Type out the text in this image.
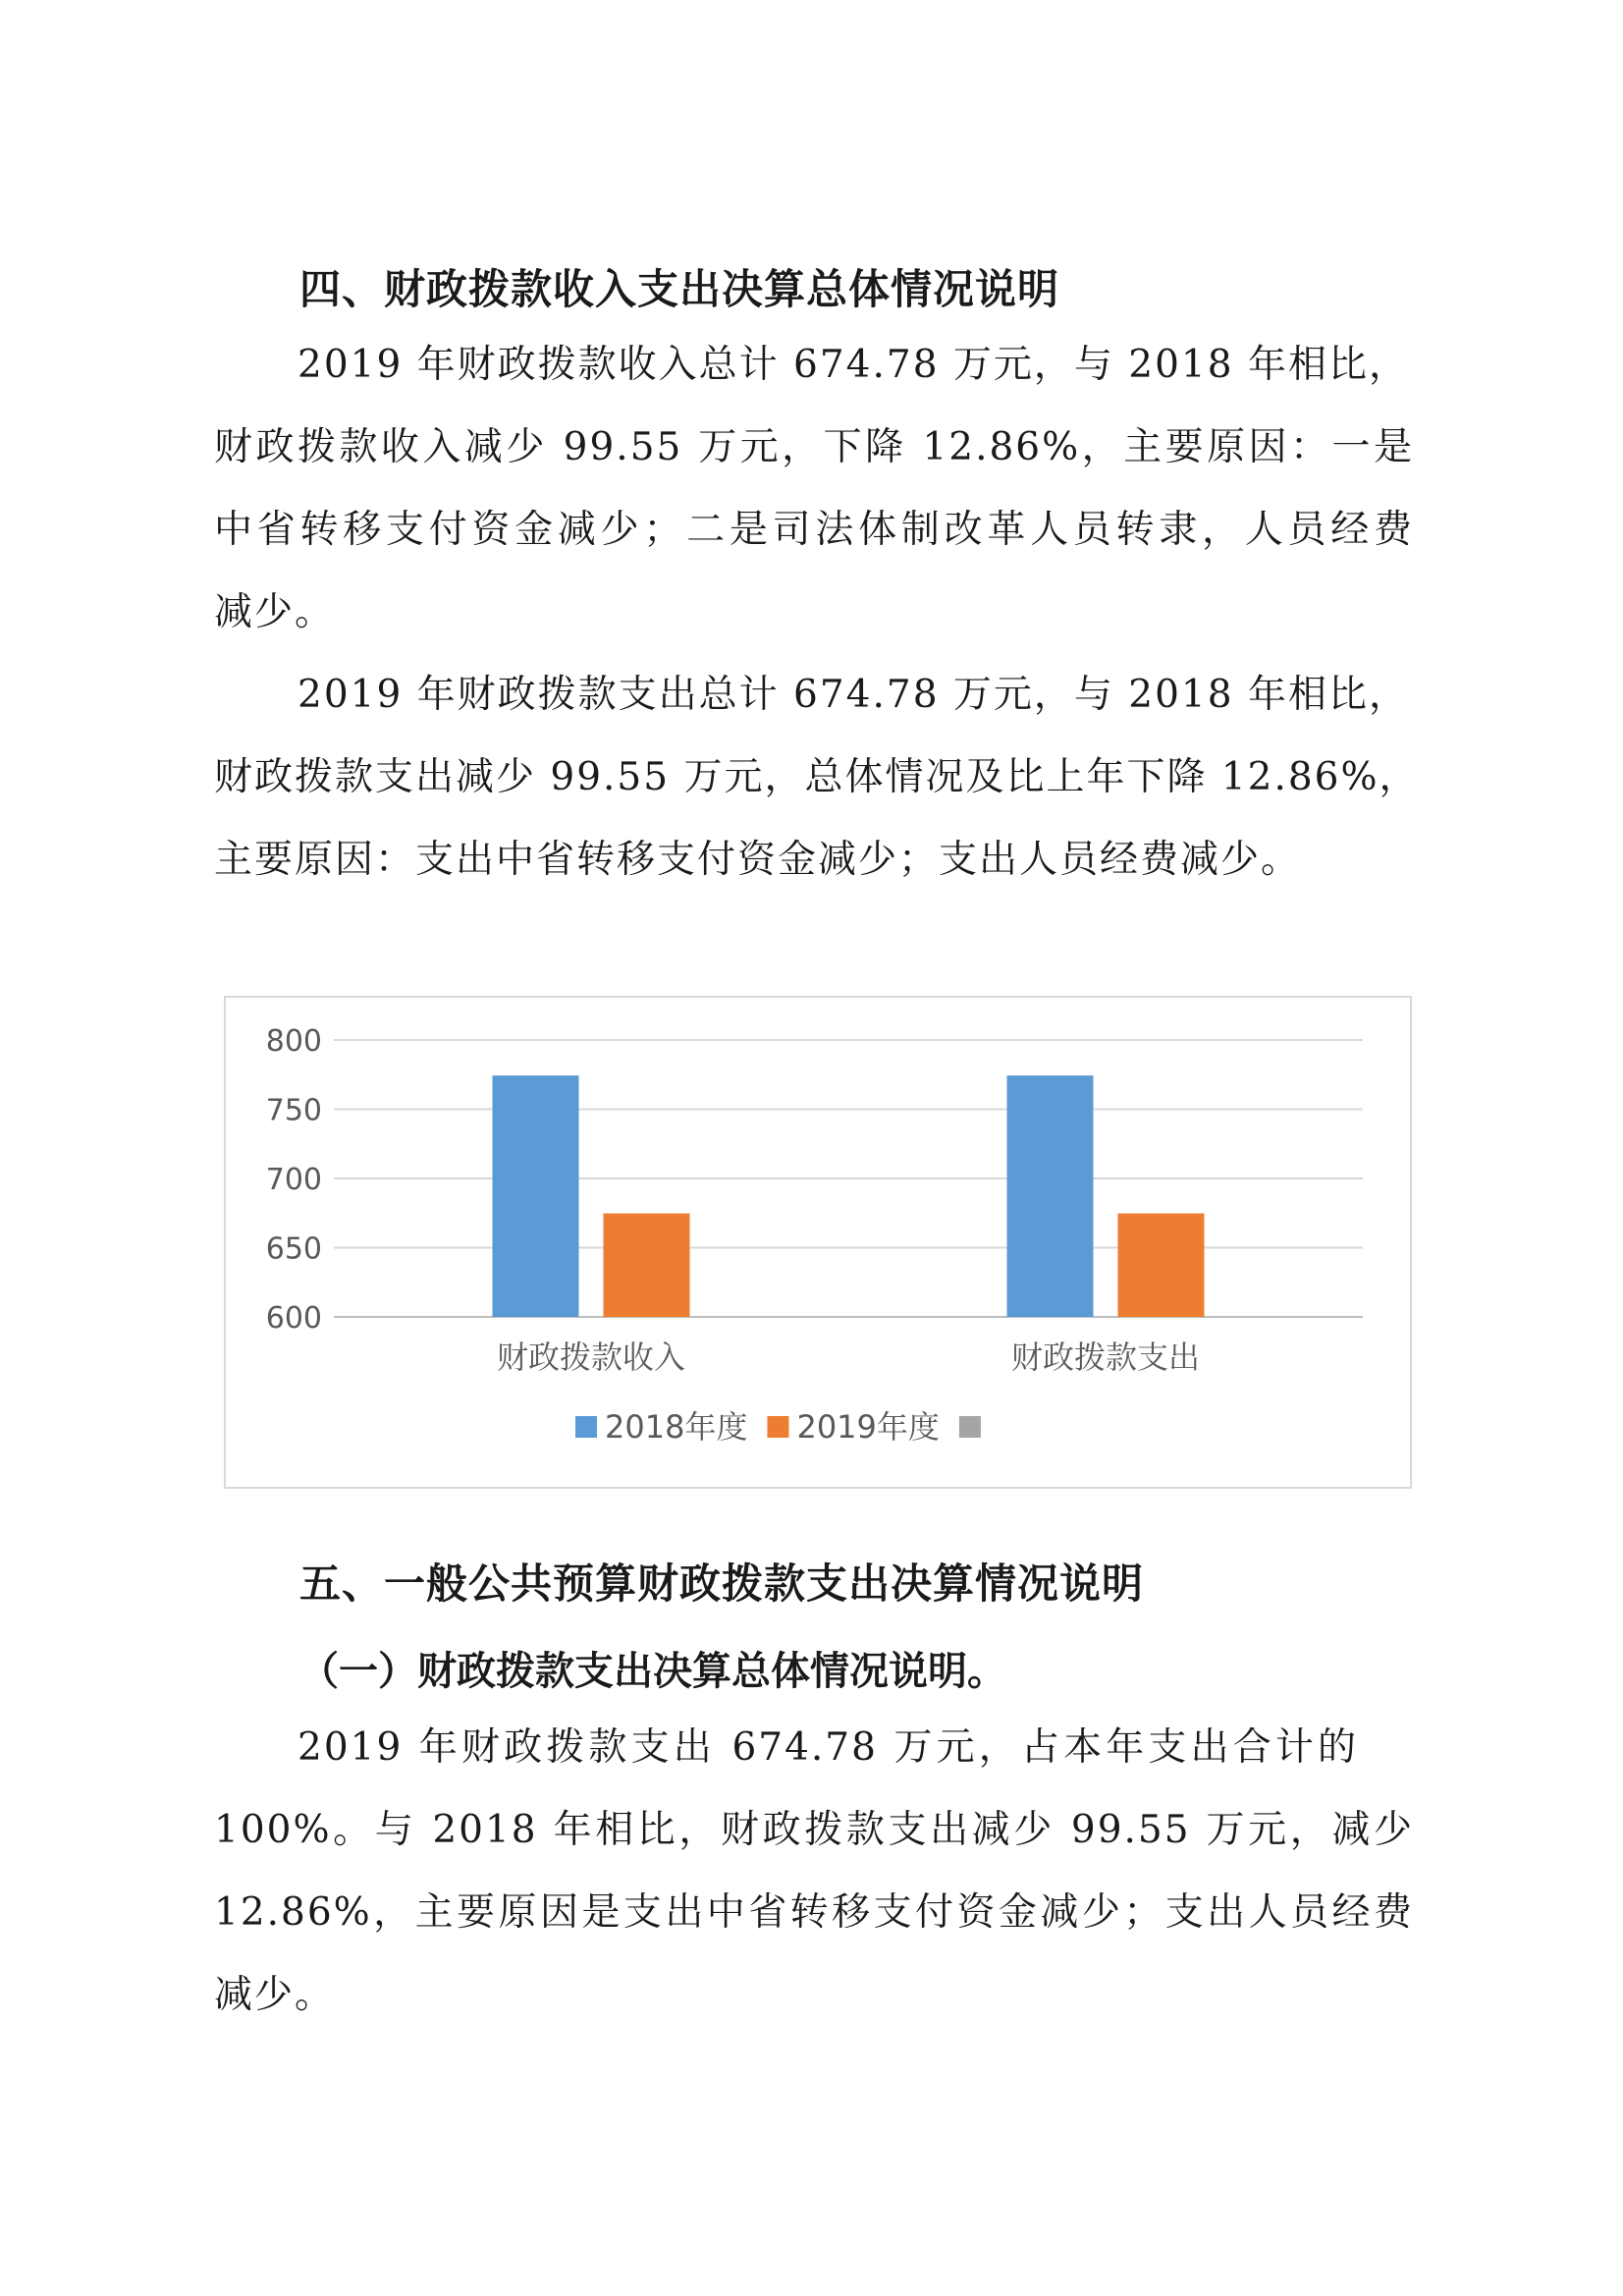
四、财政拨款收入支出决算总体情况说明
2019 年财政拨款收入总计 674.78 万元，与 2018 年相比，
财政拨款收入减少 99.55 万元，下降 12.86%，主要原因：一是
中省转移支付资金减少；二是司法体制改革人员转隶，人员经费
减少。
2019 年财政拨款支出总计 674.78 万元，与 2018 年相比，
财政拨款支出减少 99.55 万元，总体情况及比上年下降 12.86%，
主要原因：支出中省转移支付资金减少；支出人员经费减少。
600
650
700
750
800
财政拨款收入	财政拨款支出
2018年度 2019年度
五、一般公共预算财政拨款支出决算情况说明
（一）财政拨款支出决算总体情况说明。
2019 年财政拨款支出 674.78 万元，占本年支出合计的
100%。与 2018 年相比，财政拨款支出减少 99.55 万元，减少
12.86%，主要原因是支出中省转移支付资金减少；支出人员经费
减少。
